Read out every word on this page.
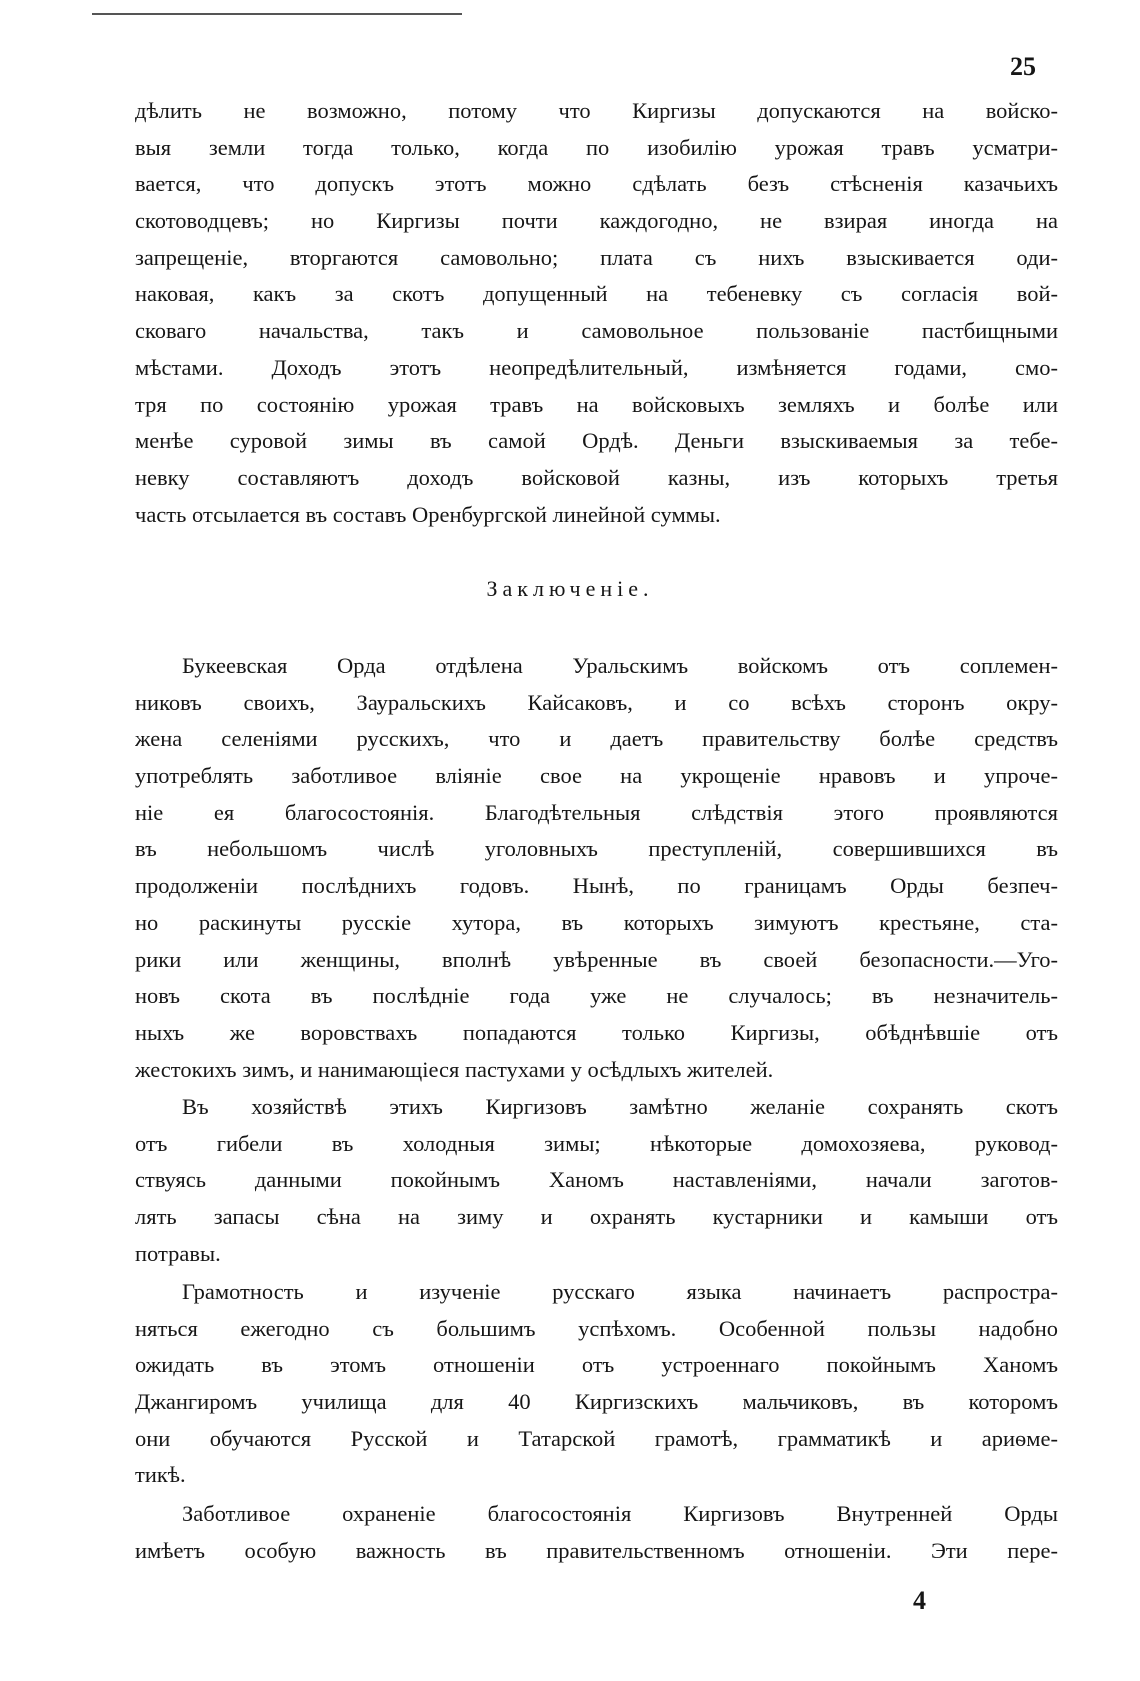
25
дѣлить не возможно, потому что Киргизы допускаются на войско-
выя земли тогда только, когда по изобилію урожая травъ усматри-
вается, что допускъ этотъ можно сдѣлать безъ стѣсненія казачьихъ
скотоводцевъ; но Киргизы почти каждогодно, не взирая иногда на
запрещеніе, вторгаются самовольно; плата съ нихъ взыскивается оди-
наковая, какъ за скотъ допущенный на тебеневку съ согласія вой-
сковаго начальства, такъ и самовольное пользованіе пастбищными
мѣстами. Доходъ этотъ неопредѣлительный, измѣняется годами, смо-
тря по состоянію урожая травъ на войсковыхъ земляхъ и болѣе или
менѣе суровой зимы въ самой Ордѣ. Деньги взыскиваемыя за тебе-
невку составляютъ доходъ войсковой казны, изъ которыхъ третья
часть отсылается въ составъ Оренбургской линейной суммы.
Заключенiе.
Букеевская Орда отдѣлена Уральскимъ войскомъ отъ соплемен-
никовъ своихъ, Зауральскихъ Кайсаковъ, и со всѣхъ сторонъ окру-
жена селеніями русскихъ, что и даетъ правительству болѣе средствъ
употреблять заботливое вліяніе свое на укрощеніе нравовъ и упроче-
ніе ея благосостоянія. Благодѣтельныя слѣдствія этого проявляются
въ небольшомъ числѣ уголовныхъ преступленій, совершившихся въ
продолженіи послѣднихъ годовъ. Нынѣ, по границамъ Орды безпеч-
но раскинуты русскіе хутора, въ которыхъ зимуютъ крестьяне, ста-
рики или женщины, вполнѣ увѣренные въ своей безопасности.—Уго-
новъ скота въ послѣдніе года уже не случалось; въ незначитель-
ныхъ же воровствахъ попадаются только Киргизы, обѣднѣвшіе отъ
жестокихъ зимъ, и нанимающіеся пастухами у осѣдлыхъ жителей.
Въ хозяйствѣ этихъ Киргизовъ замѣтно желаніе сохранять скотъ
отъ гибели въ холодныя зимы; нѣкоторые домохозяева, руковод-
ствуясь данными покойнымъ Ханомъ наставленіями, начали заготов-
лять запасы сѣна на зиму и охранять кустарники и камыши отъ
потравы.
Грамотность и изученіе русскаго языка начинаетъ распростра-
няться ежегодно съ большимъ успѣхомъ. Особенной пользы надобно
ожидать въ этомъ отношеніи отъ устроеннаго покойнымъ Ханомъ
Джангиромъ училища для 40 Киргизскихъ мальчиковъ, въ которомъ
они обучаются Русской и Татарской грамотѣ, грамматикѣ и ариѳме-
тикѣ.
Заботливое охраненіе благосостоянія Киргизовъ Внутренней Орды
имѣетъ особую важность въ правительственномъ отношеніи. Эти пере-
4
